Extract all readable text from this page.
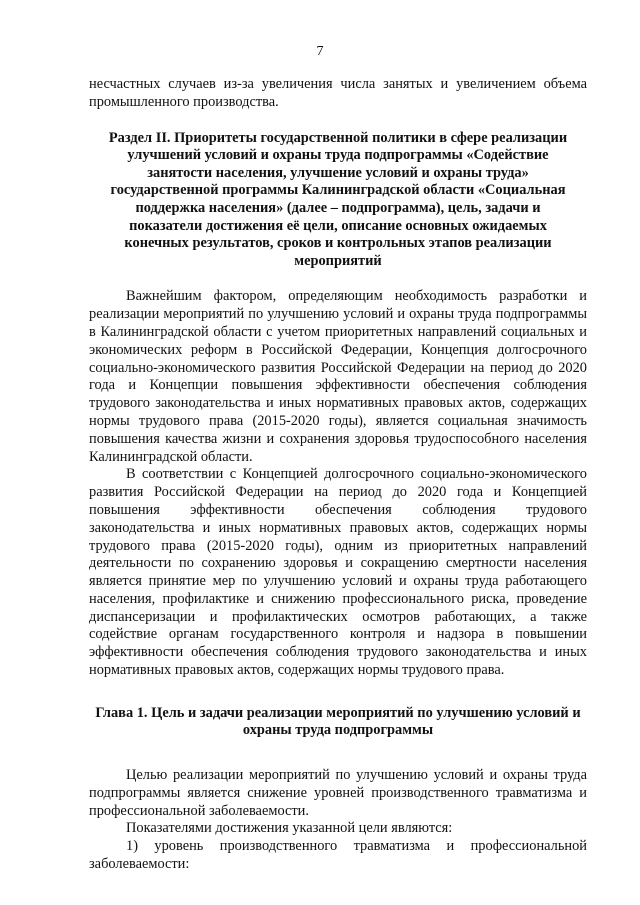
7

несчастных случаев из-за увеличения числа занятых и увеличением объема промышленного производства.

Раздел II. Приоритеты государственной политики в сфере реализации улучшений условий и охраны труда подпрограммы «Содействие занятости населения, улучшение условий и охраны труда» государственной программы Калининградской области «Социальная поддержка населения» (далее – подпрограмма), цель, задачи и показатели достижения её цели, описание основных ожидаемых конечных результатов, сроков и контрольных этапов реализации мероприятий

Важнейшим фактором, определяющим необходимость разработки и реализации мероприятий по улучшению условий и охраны труда подпрограммы в Калининградской области с учетом приоритетных направлений социальных и экономических реформ в Российской Федерации, Концепция долгосрочного социально-экономического развития Российской Федерации на период до 2020 года и Концепции повышения эффективности обеспечения соблюдения трудового законодательства и иных нормативных правовых актов, содержащих нормы трудового права (2015-2020 годы), является социальная значимость повышения качества жизни и сохранения здоровья трудоспособного населения Калининградской области.

В соответствии с Концепцией долгосрочного социально-экономического развития Российской Федерации на период до 2020 года и Концепцией повышения эффективности обеспечения соблюдения трудового законодательства и иных нормативных правовых актов, содержащих нормы трудового права (2015-2020 годы), одним из приоритетных направлений деятельности по сохранению здоровья и сокращению смертности населения является принятие мер по улучшению условий и охраны труда работающего населения, профилактике и снижению профессионального риска, проведение диспансеризации и профилактических осмотров работающих, а также содействие органам государственного контроля и надзора в повышении эффективности обеспечения соблюдения трудового законодательства и иных нормативных правовых актов, содержащих нормы трудового права.

Глава 1. Цель и задачи реализации мероприятий по улучшению условий и охраны труда подпрограммы

Целью реализации мероприятий по улучшению условий и охраны труда подпрограммы является снижение уровней производственного травматизма и профессиональной заболеваемости.

Показателями достижения указанной цели являются:

1) уровень производственного травматизма и профессиональной заболеваемости:
